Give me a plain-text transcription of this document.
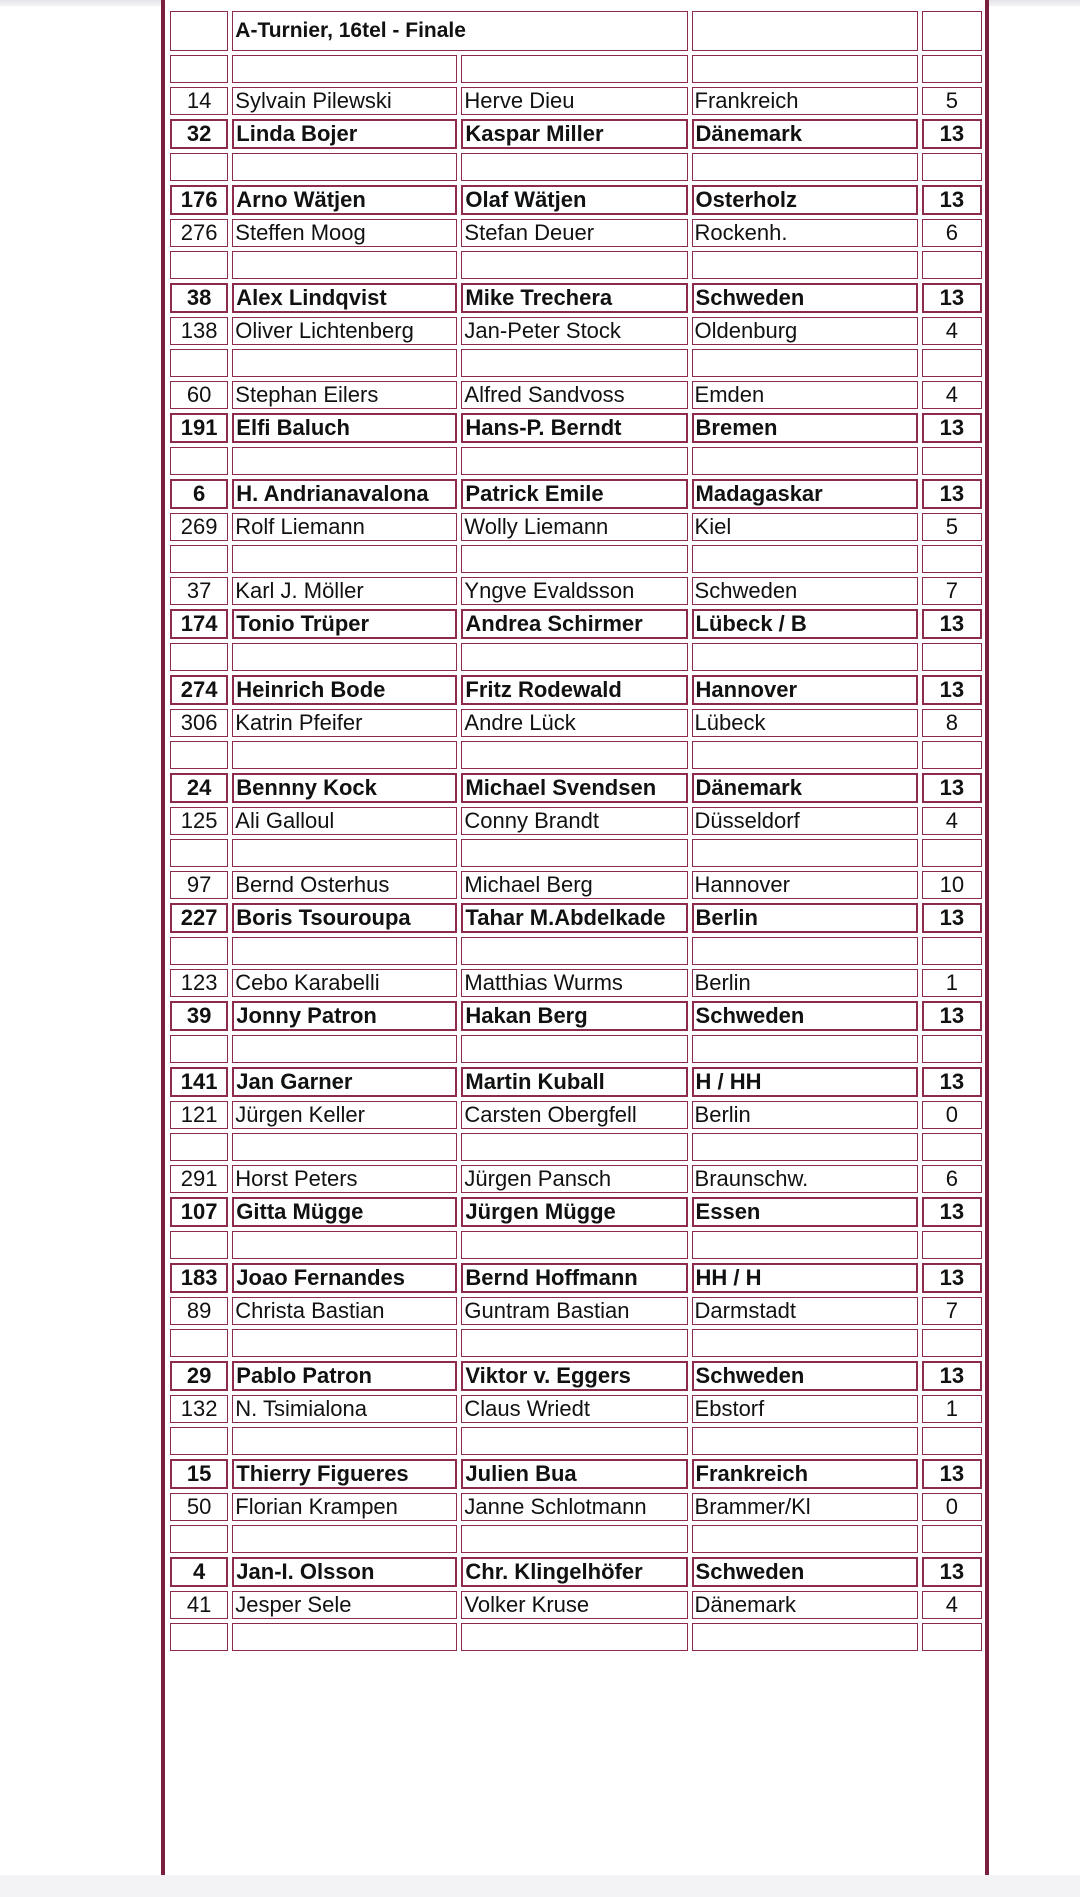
	A-Turnier, 16tel - Finale			

14	Sylvain Pilewski	Herve Dieu	Frankreich	5
32	Linda Bojer	Kaspar Miller	Dänemark	13

176	Arno Wätjen	Olaf Wätjen	Osterholz	13
276	Steffen Moog	Stefan Deuer	Rockenh.	6

38	Alex Lindqvist	Mike Trechera	Schweden	13
138	Oliver Lichtenberg	Jan-Peter Stock	Oldenburg	4

60	Stephan Eilers	Alfred Sandvoss	Emden	4
191	Elfi Baluch	Hans-P. Berndt	Bremen	13

6	H. Andrianavalona	Patrick Emile	Madagaskar	13
269	Rolf Liemann	Wolly Liemann	Kiel	5

37	Karl J. Möller	Yngve Evaldsson	Schweden	7
174	Tonio Trüper	Andrea Schirmer	Lübeck / B	13

274	Heinrich Bode	Fritz Rodewald	Hannover	13
306	Katrin Pfeifer	Andre Lück	Lübeck	8

24	Bennny Kock	Michael Svendsen	Dänemark	13
125	Ali Galloul	Conny Brandt	Düsseldorf	4

97	Bernd Osterhus	Michael Berg	Hannover	10
227	Boris Tsouroupa	Tahar M.Abdelkade	Berlin	13

123	Cebo Karabelli	Matthias Wurms	Berlin	1
39	Jonny Patron	Hakan Berg	Schweden	13

141	Jan Garner	Martin Kuball	H / HH	13
121	Jürgen Keller	Carsten Obergfell	Berlin	0

291	Horst Peters	Jürgen Pansch	Braunschw.	6
107	Gitta Mügge	Jürgen Mügge	Essen	13

183	Joao Fernandes	Bernd Hoffmann	HH / H	13
89	Christa Bastian	Guntram Bastian	Darmstadt	7

29	Pablo Patron	Viktor v. Eggers	Schweden	13
132	N. Tsimialona	Claus Wriedt	Ebstorf	1

15	Thierry Figueres	Julien Bua	Frankreich	13
50	Florian Krampen	Janne Schlotmann	Brammer/Kl	0

4	Jan-I. Olsson	Chr. Klingelhöfer	Schweden	13
41	Jesper Sele	Volker Kruse	Dänemark	4
